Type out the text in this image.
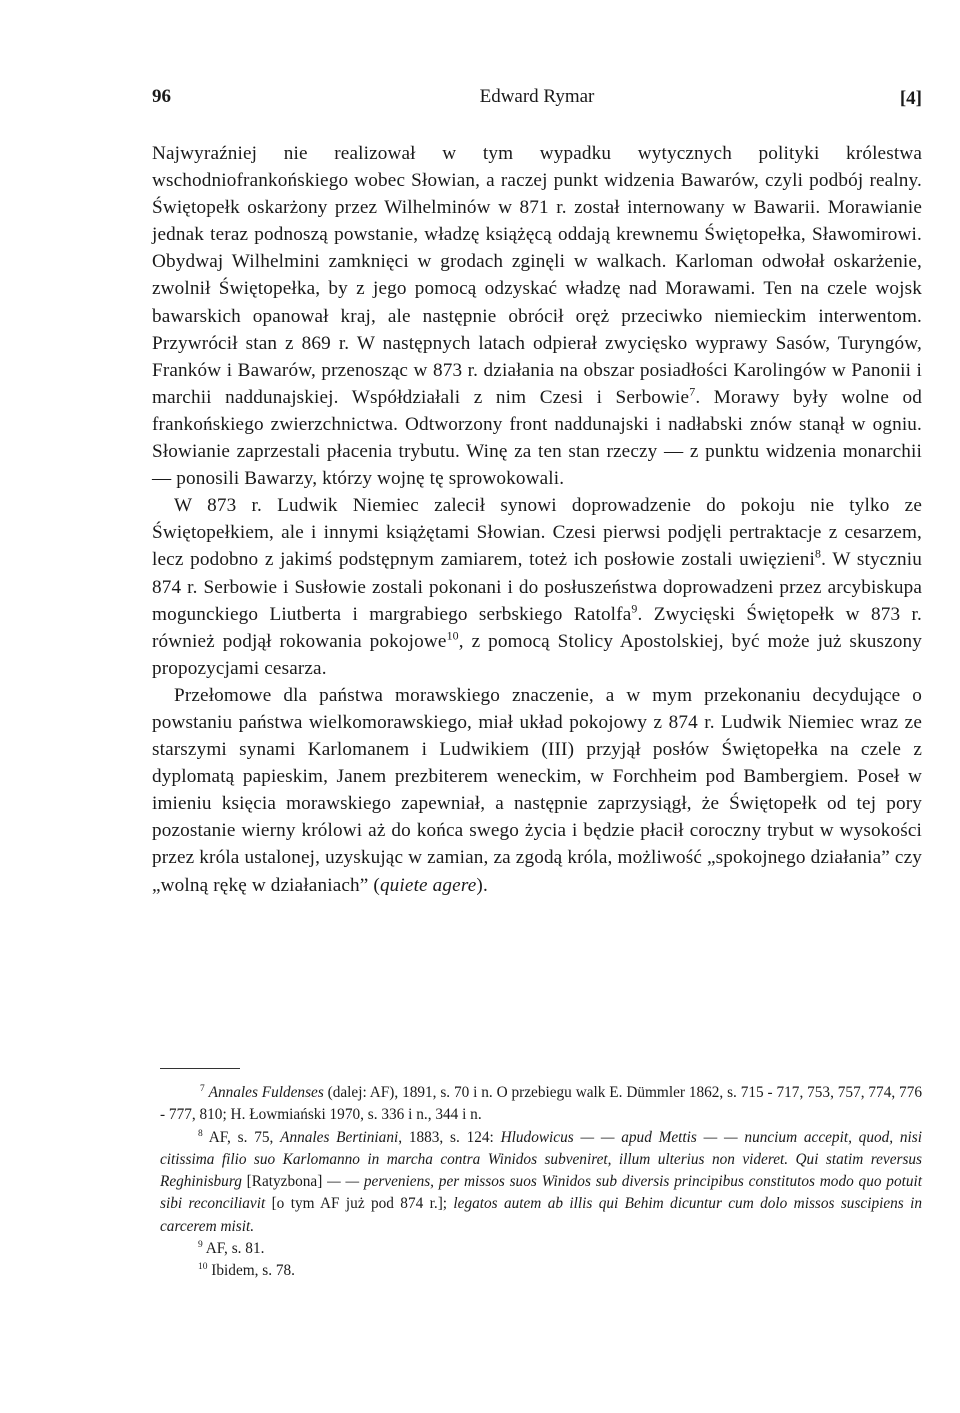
96	Edward Rymar	[4]

Najwyraźniej nie realizował w tym wypadku wytycznych polityki królestwa wschodniofrankońskiego wobec Słowian, a raczej punkt widzenia Bawarów, czyli podbój realny. Świętopełk oskarżony przez Wilhelminów w 871 r. został internowany w Bawarii. Morawianie jednak teraz podnoszą powstanie, władzę książęcą oddają krewnemu Świętopełka, Sławomirowi. Obydwaj Wilhelmini zamknięci w grodach zginęli w walkach. Karloman odwołał oskarżenie, zwolnił Świętopełka, by z jego pomocą odzyskać władzę nad Morawami. Ten na czele wojsk bawarskich opanował kraj, ale następnie obrócił oręż przeciwko niemieckim interwentom. Przywrócił stan z 869 r. W następnych latach odpierał zwycięsko wyprawy Sasów, Turyngów, Franków i Bawarów, przenosząc w 873 r. działania na obszar posiadłości Karolingów w Panonii i marchii naddunajskiej. Współdziałali z nim Czesi i Serbowie$^7$. Morawy były wolne od frankońskiego zwierzchnictwa. Odtworzony front naddunajski i nadłabski znów stanął w ogniu. Słowianie zaprzestali płacenia trybutu. Winę za ten stan rzeczy — z punktu widzenia monarchii — ponosili Bawarzy, którzy wojnę tę sprowokowali.

W 873 r. Ludwik Niemiec zalecił synowi doprowadzenie do pokoju nie tylko ze Świętopełkiem, ale i innymi książętami Słowian. Czesi pierwsi podjęli pertraktacje z cesarzem, lecz podobno z jakimś podstępnym zamiarem, toteż ich posłowie zostali uwięzieni$^8$. W styczniu 874 r. Serbowie i Susłowie zostali pokonani i do posłuszeństwa doprowadzeni przez arcybiskupa mogunckiego Liutberta i margrabiego serbskiego Ratolfa$^9$. Zwycięski Świętopełk w 873 r. również podjął rokowania pokojowe$^{10}$, z pomocą Stolicy Apostolskiej, być może już skuszony propozycjami cesarza.

Przełomowe dla państwa morawskiego znaczenie, a w mym przekonaniu decydujące o powstaniu państwa wielkomorawskiego, miał układ pokojowy z 874 r. Ludwik Niemiec wraz ze starszymi synami Karlomanem i Ludwikiem (III) przyjął posłów Świętopełka na czele z dyplomatą papieskim, Janem prezbiterem weneckim, w Forchheim pod Bambergiem. Poseł w imieniu księcia morawskiego zapewniał, a następnie zaprzysiągł, że Świętopełk od tej pory pozostanie wierny królowi aż do końca swego życia i będzie płacił coroczny trybut w wysokości przez króla ustalonej, uzyskując w zamian, za zgodą króla, możliwość „spokojnego działania” czy „wolną rękę w działaniach” (quiete agere).

$^7$ Annales Fuldenses (dalej: AF), 1891, s. 70 i n. O przebiegu walk E. Dümmler 1862, s. 715 - 717, 753, 757, 774, 776 - 777, 810; H. Łowmiański 1970, s. 336 i n., 344 i n.

$^8$ AF, s. 75, Annales Bertiniani, 1883, s. 124: Hludowicus — — apud Mettis — — nuncium accepit, quod, nisi citissima filio suo Karlomanno in marcha contra Winidos subveniret, illum ulterius non videret. Qui statim reversus Reghinisburg [Ratyzbona] — — perveniens, per missos suos Winidos sub diversis principibus constitutos modo quo potuit sibi reconciliavit [o tym AF już pod 874 r.]; legatos autem ab illis qui Behim dicuntur cum dolo missos suscipiens in carcerem misit.

$^9$ AF, s. 81.

$^{10}$ Ibidem, s. 78.
